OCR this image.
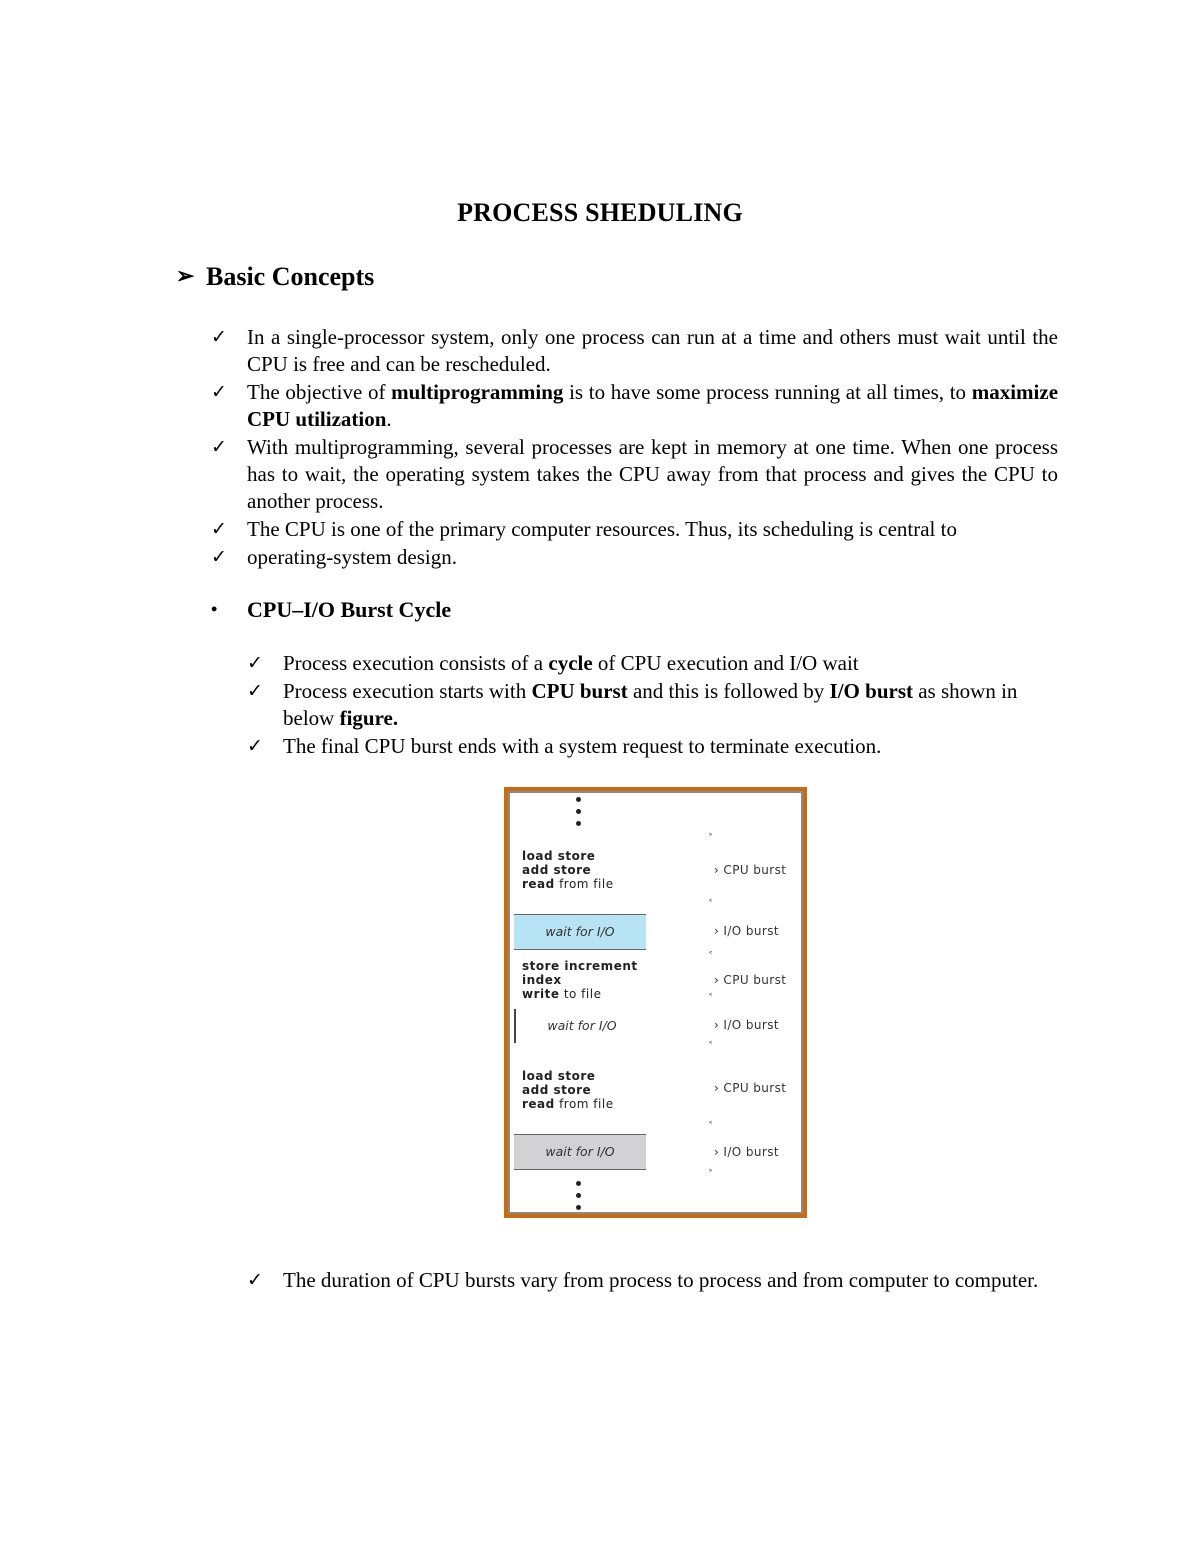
PROCESS SHEDULING
➢ Basic Concepts
✓ In a single-processor system, only one process can run at a time and others must wait until the CPU is free and can be rescheduled.
✓ The objective of multiprogramming is to have some process running at all times, to maximize CPU utilization.
✓ With multiprogramming, several processes are kept in memory at one time. When one process has to wait, the operating system takes the CPU away from that process and gives the CPU to another process.
✓ The CPU is one of the primary computer resources. Thus, its scheduling is central to
✓ operating-system design.
• CPU–I/O Burst Cycle
✓ Process execution consists of a cycle of CPU execution and I/O wait
✓ Process execution starts with CPU burst and this is followed by I/O burst as shown in below figure.
✓ The final CPU burst ends with a system request to terminate execution.
load store
add store
read from file
wait for I/O
store increment
index
write to file
wait for I/O
load store
add store
read from file
wait for I/O
˃
› CPU burst
˂
› I/O burst
˂
› CPU burst
˂
› I/O burst
˂
› CPU burst
˂
› I/O burst
˃
✓ The duration of CPU bursts vary from process to process and from computer to computer.
